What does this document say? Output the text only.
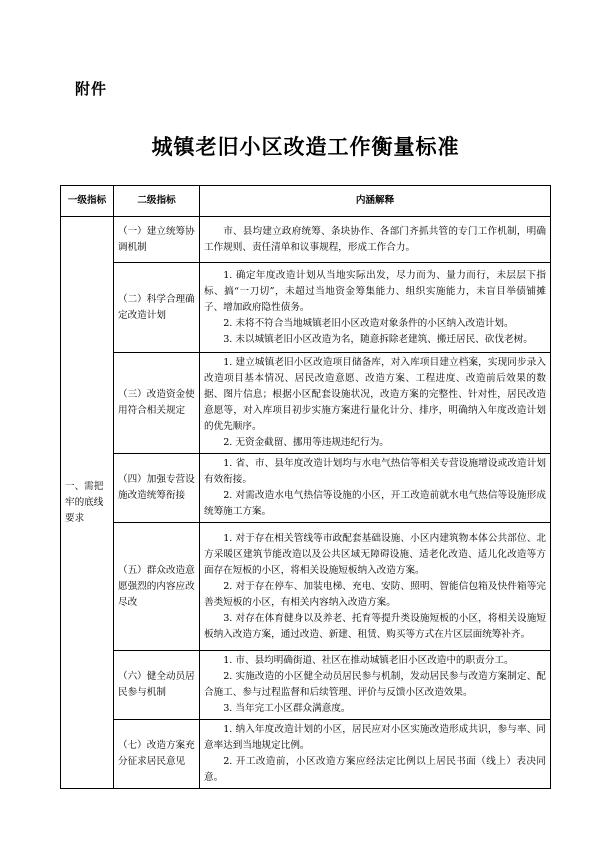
附件
城镇老旧小区改造工作衡量标准
一级指标	二级指标	内涵解释
一、需把牢的底线要求	（一）建立统筹协调机制	市、县均建立政府统筹、条块协作、各部门齐抓共管的专门工作机制，明确工作规则、责任清单和议事规程，形成工作合力。

	（二）科学合理确定改造计划	1. 确定年度改造计划从当地实际出发，尽力而为、量力而行，未层层下指标、搞“一刀切”，未超过当地资金筹集能力、组织实施能力，未盲目举债铺摊子、增加政府隐性债务。

2. 未将不符合当地城镇老旧小区改造对象条件的小区纳入改造计划。

3. 未以城镇老旧小区改造为名，随意拆除老建筑、搬迁居民、砍伐老树。

	（三）改造资金使用符合相关规定	1. 建立城镇老旧小区改造项目储备库，对入库项目建立档案，实现同步录入改造项目基本情况、居民改造意愿、改造方案、工程进度、改造前后效果的数据、图片信息；根据小区配套设施状况，改造方案的完整性、针对性，居民改造意愿等，对入库项目初步实施方案进行量化计分、排序，明确纳入年度改造计划的优先顺序。

2. 无资金截留、挪用等违规违纪行为。

	（四）加强专营设施改造统筹衔接	1. 省、市、县年度改造计划均与水电气热信等相关专营设施增设或改造计划有效衔接。

2. 对需改造水电气热信等设施的小区，开工改造前就水电气热信等设施形成统筹施工方案。

	（五）群众改造意愿强烈的内容应改尽改	1. 对于存在相关管线等市政配套基础设施、小区内建筑物本体公共部位、北方采暖区建筑节能改造以及公共区域无障碍设施、适老化改造、适儿化改造等方面存在短板的小区，将相关设施短板纳入改造方案。

2. 对于存在停车、加装电梯、充电、安防、照明、智能信包箱及快件箱等完善类短板的小区，有相关内容纳入改造方案。

3. 对存在体育健身以及养老、托育等提升类设施短板的小区，将相关设施短板纳入改造方案，通过改造、新建、租赁、购买等方式在片区层面统筹补齐。

	（六）健全动员居民参与机制	1. 市、县均明确街道、社区在推动城镇老旧小区改造中的职责分工。

2. 实施改造的小区健全动员居民参与机制，发动居民参与改造方案制定、配合施工、参与过程监督和后续管理、评价与反馈小区改造效果。

3. 当年完工小区群众满意度。

	（七）改造方案充分征求居民意见	1. 纳入年度改造计划的小区，居民应对小区实施改造形成共识，参与率、同意率达到当地规定比例。

2. 开工改造前，小区改造方案应经法定比例以上居民书面（线上）表决同意。
